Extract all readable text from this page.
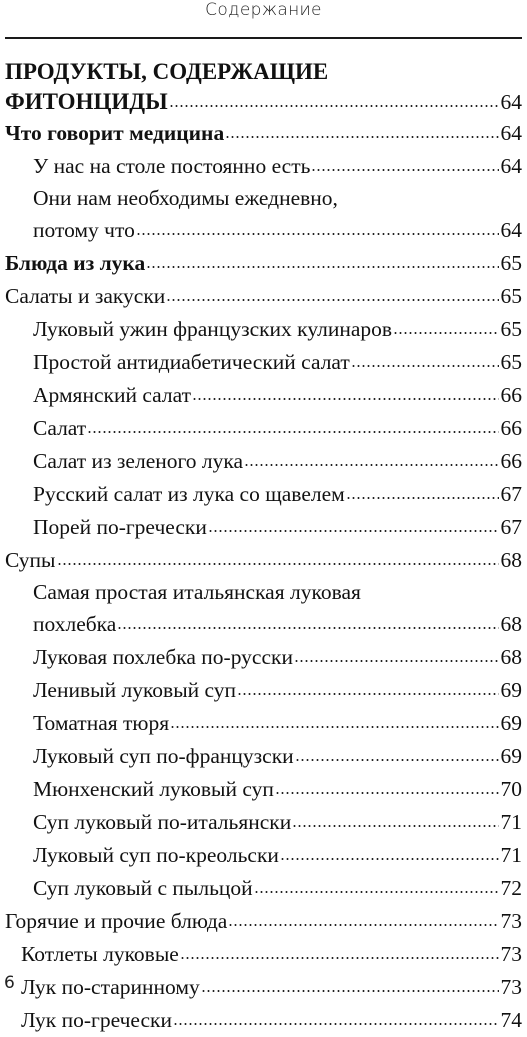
Содержание
ПРОДУКТЫ, СОДЕРЖАЩИЕ
ФИТОНЦИДЫ	64
Что говорит медицина	64
У нас на столе постоянно есть	64
Они нам необходимы ежедневно,
потому что	64
Блюда из лука	65
Салаты и закуски	65
Луковый ужин французских кулинаров	65
Простой антидиабетический салат	65
Армянский салат	66
Салат	66
Салат из зеленого лука	66
Русский салат из лука со щавелем	67
Порей по-гречески	67
Супы	68
Самая простая итальянская луковая
похлебка	68
Луковая похлебка по-русски	68
Ленивый луковый суп	69
Томатная тюря	69
Луковый суп по-французски	69
Мюнхенский луковый суп	70
Суп луковый по-итальянски	71
Луковый суп по-креольски	71
Суп луковый с пыльцой	72
Горячие и прочие блюда	73
Котлеты луковые	73
Лук по-старинному	73
Лук по-гречески	74
6
